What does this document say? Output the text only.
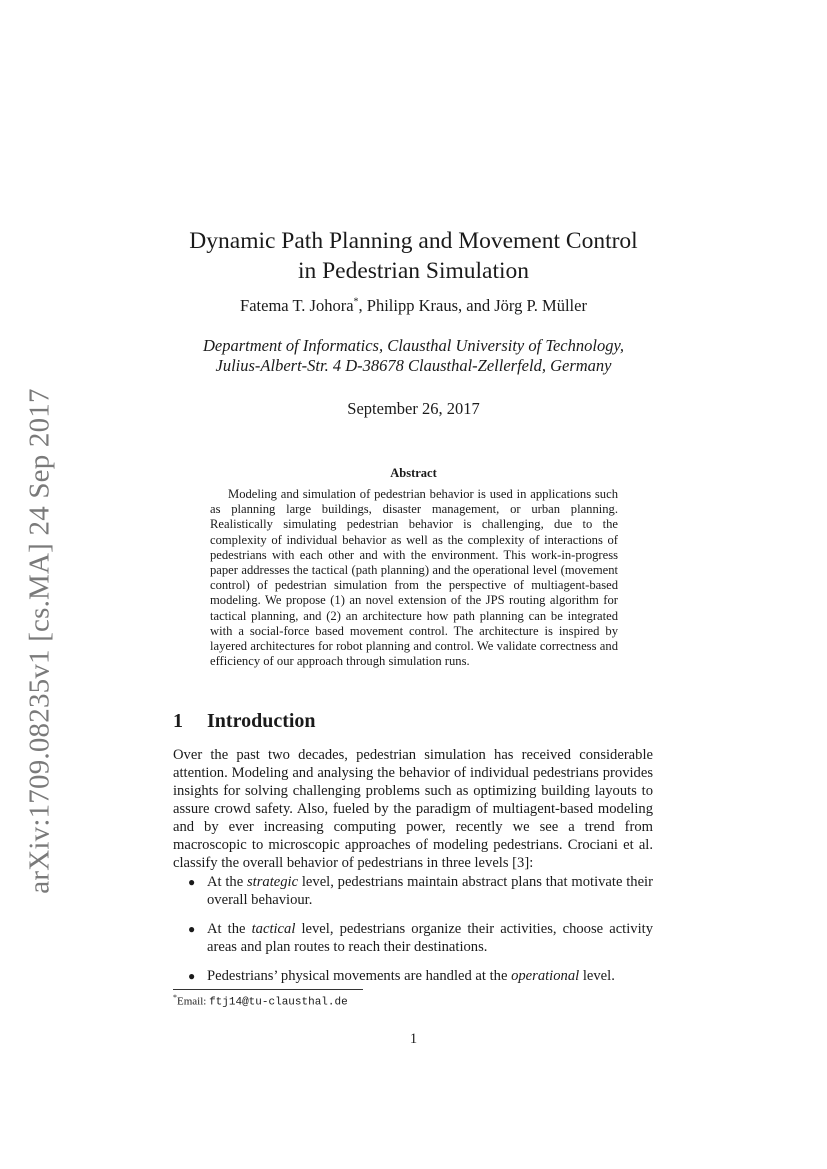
arXiv:1709.08235v1 [cs.MA] 24 Sep 2017
Dynamic Path Planning and Movement Control
in Pedestrian Simulation
Fatema T. Johora*, Philipp Kraus, and Jörg P. Müller
Department of Informatics, Clausthal University of Technology,
Julius-Albert-Str. 4 D-38678 Clausthal-Zellerfeld, Germany
September 26, 2017
Abstract
Modeling and simulation of pedestrian behavior is used in applications such as planning large buildings, disaster management, or urban planning. Realistically simulating pedestrian behavior is challenging, due to the complexity of individual behavior as well as the complexity of interactions of pedestrians with each other and with the environment. This work-in-progress paper addresses the tactical (path planning) and the operational level (movement control) of pedestrian simulation from the perspective of multiagent-based modeling. We propose (1) an novel extension of the JPS routing algorithm for tactical planning, and (2) an architecture how path planning can be integrated with a social-force based movement control. The architecture is inspired by layered architectures for robot planning and control. We validate correctness and efficiency of our approach through simulation runs.
1 Introduction
Over the past two decades, pedestrian simulation has received considerable attention. Modeling and analysing the behavior of individual pedestrians provides insights for solving challenging problems such as optimizing building layouts to assure crowd safety. Also, fueled by the paradigm of multiagent-based modeling and by ever increasing computing power, recently we see a trend from macroscopic to microscopic approaches of modeling pedestrians. Crociani et al. classify the overall behavior of pedestrians in three levels [3]:
● At the strategic level, pedestrians maintain abstract plans that motivate their overall behaviour.
● At the tactical level, pedestrians organize their activities, choose activity areas and plan routes to reach their destinations.
● Pedestrians’ physical movements are handled at the operational level.
*Email: ftj14@tu-clausthal.de
1
